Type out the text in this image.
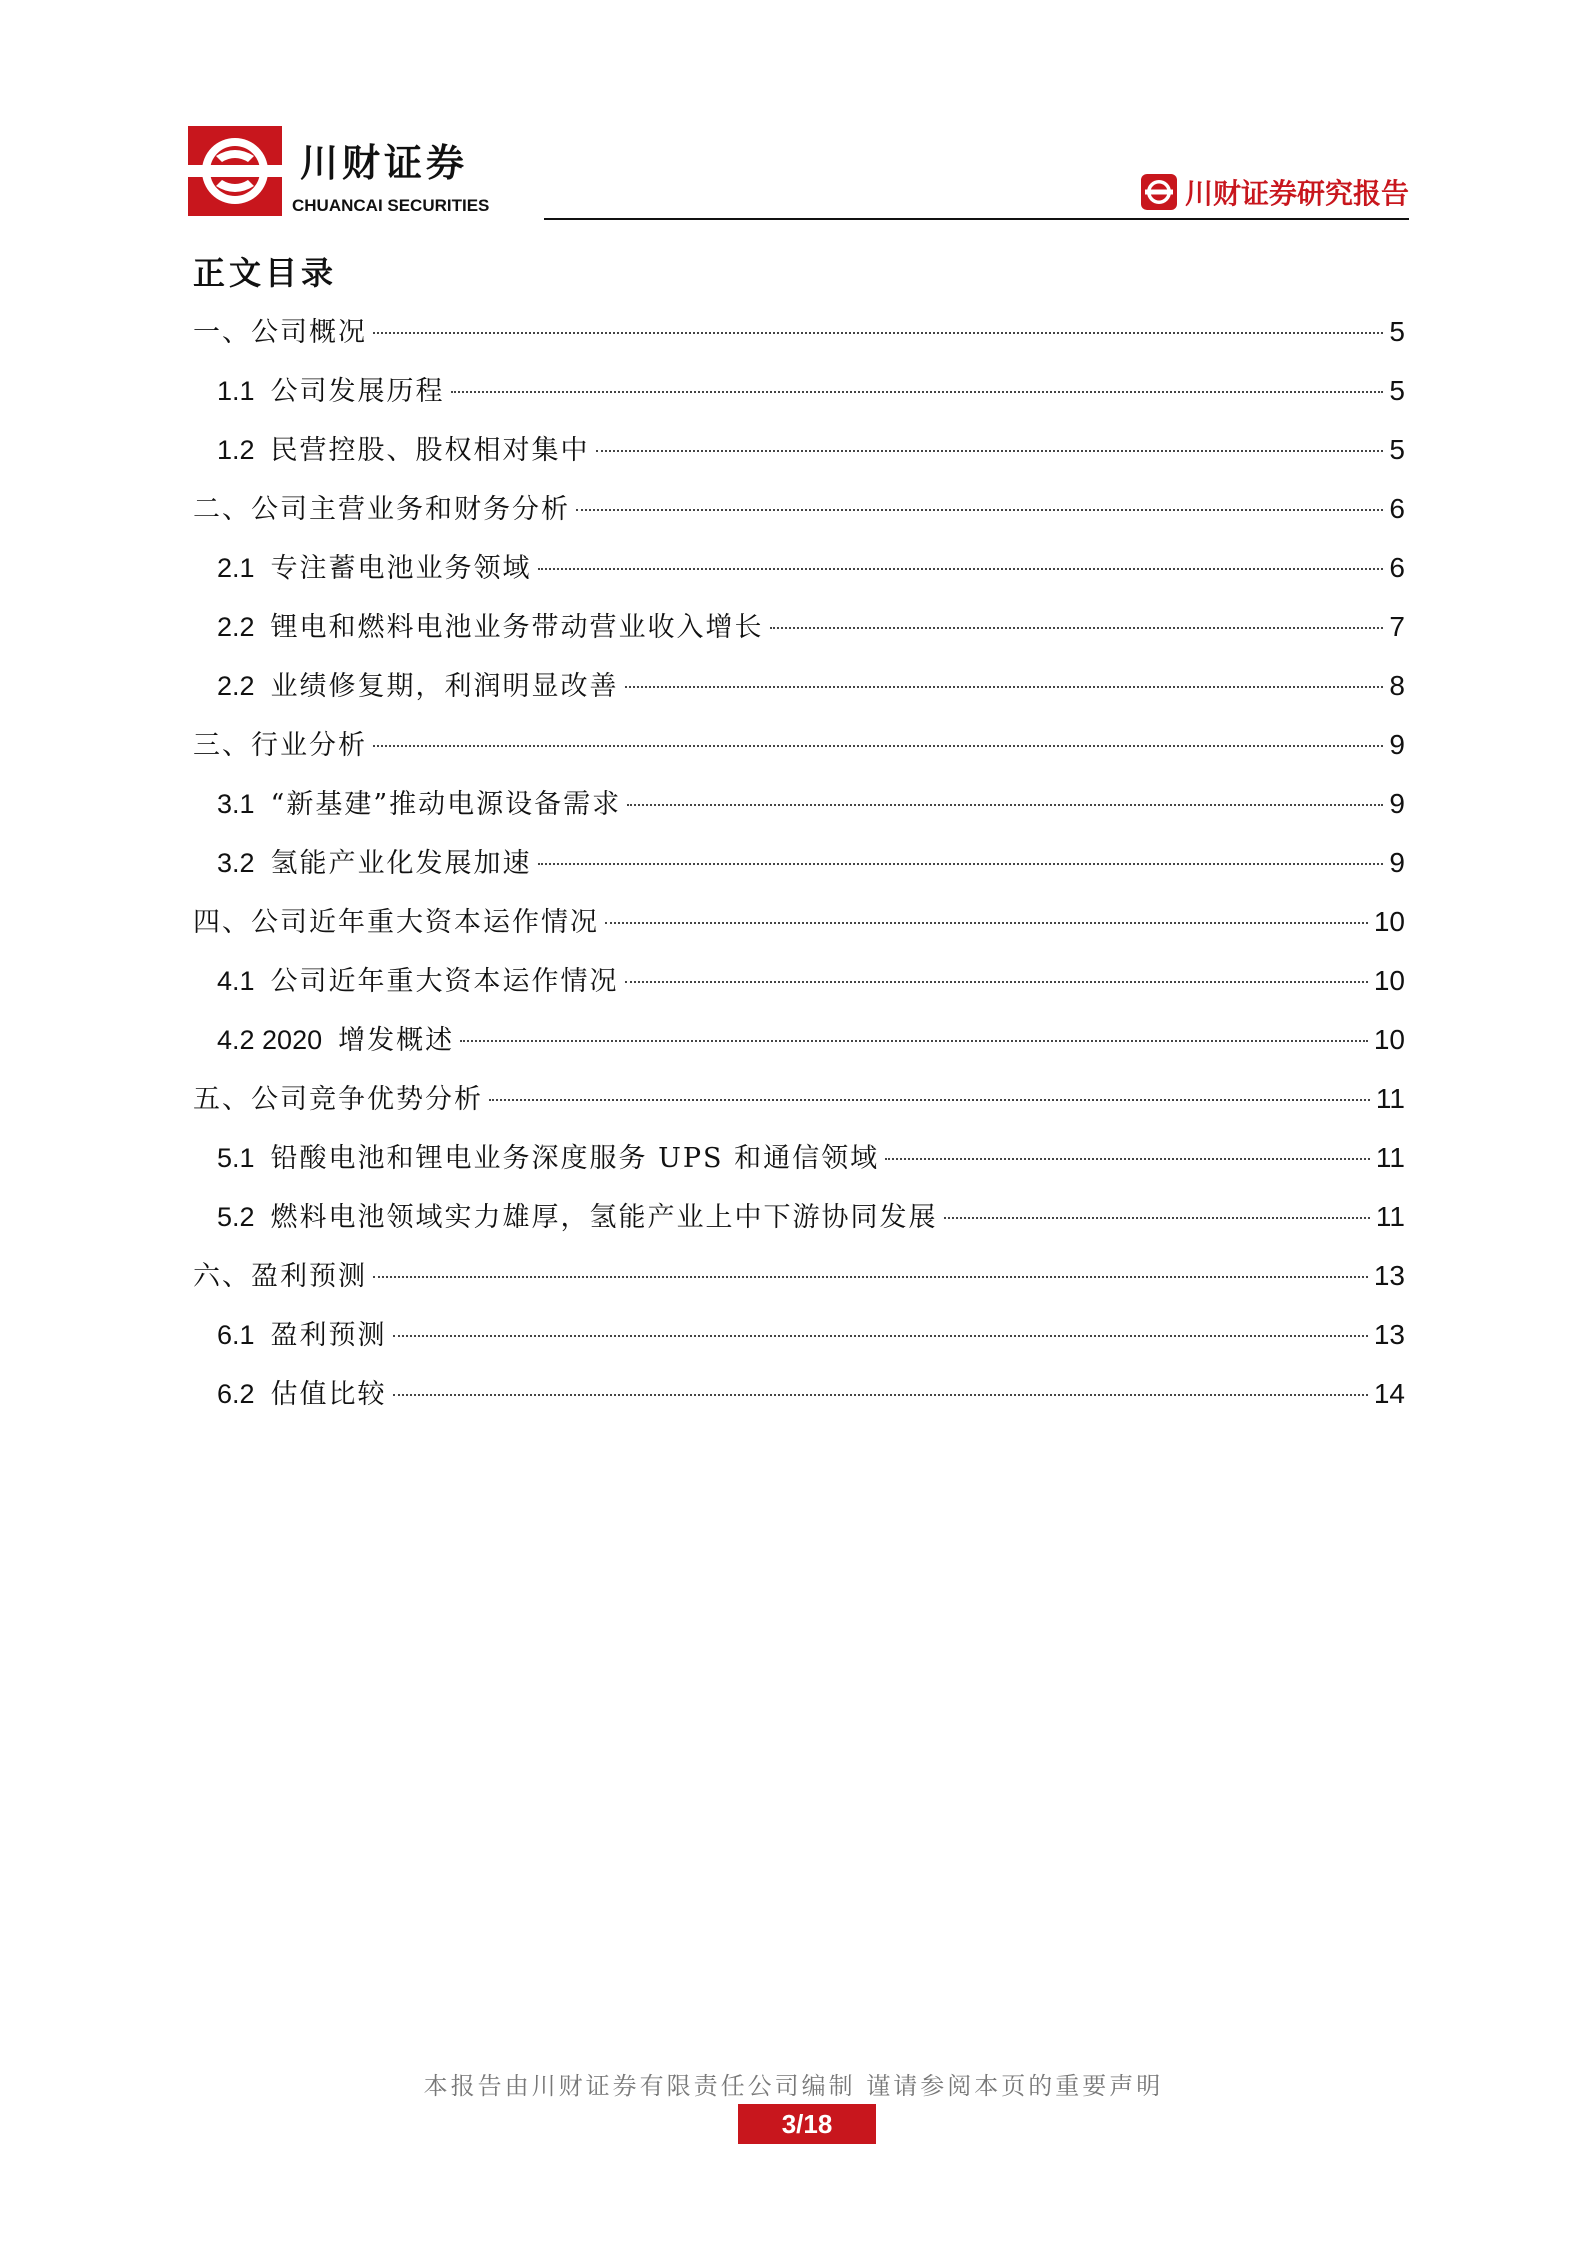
川财证券
CHUANCAI SECURITIES	川财证券研究报告
正文目录
一、公司概况	5
1.1 公司发展历程	5
1.2 民营控股、股权相对集中	5
二、公司主营业务和财务分析	6
2.1 专注蓄电池业务领域	6
2.2 锂电和燃料电池业务带动营业收入增长	7
2.2 业绩修复期，利润明显改善	8
三、行业分析	9
3.1 “新基建”推动电源设备需求	9
3.2 氢能产业化发展加速	9
四、公司近年重大资本运作情况	10
4.1 公司近年重大资本运作情况	10
4.2 2020 增发概述	10
五、公司竞争优势分析	11
5.1 铅酸电池和锂电业务深度服务 UPS 和通信领域	11
5.2 燃料电池领域实力雄厚，氢能产业上中下游协同发展	11
六、盈利预测	13
6.1 盈利预测	13
6.2 估值比较	14
本报告由川财证券有限责任公司编制 谨请参阅本页的重要声明
3/18
